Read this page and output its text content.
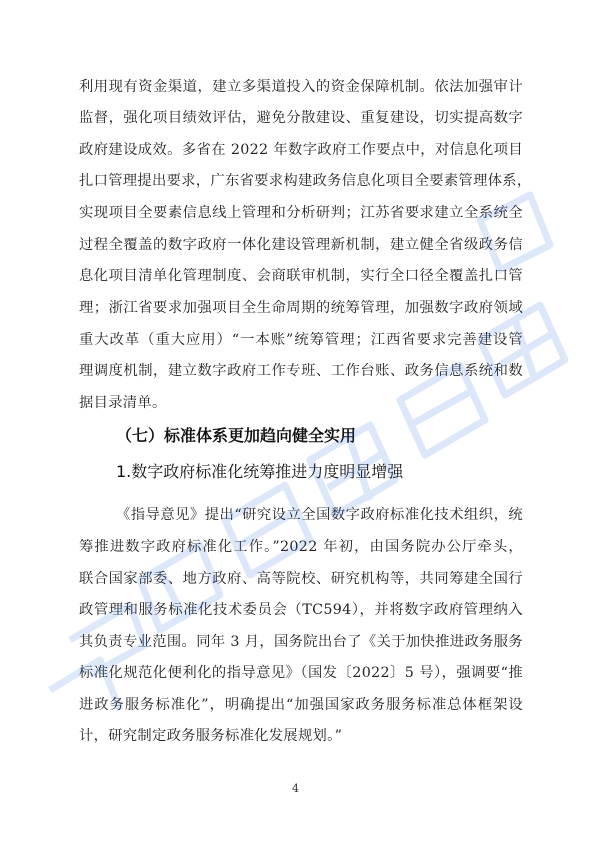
利用现有资金渠道，建立多渠道投入的资金保障机制。依法加强审计
监督，强化项目绩效评估，避免分散建设、重复建设，切实提高数字
政府建设成效。多省在 2022 年数字政府工作要点中，对信息化项目
扎口管理提出要求，广东省要求构建政务信息化项目全要素管理体系，
实现项目全要素信息线上管理和分析研判；江苏省要求建立全系统全
过程全覆盖的数字政府一体化建设管理新机制，建立健全省级政务信
息化项目清单化管理制度、会商联审机制，实行全口径全覆盖扎口管
理；浙江省要求加强项目全生命周期的统筹管理，加强数字政府领域
重大改革（重大应用）“一本账”统筹管理；江西省要求完善建设管
理调度机制，建立数字政府工作专班、工作台账、政务信息系统和数
据目录清单。
（七）标准体系更加趋向健全实用
1.数字政府标准化统筹推进力度明显增强
《指导意见》提出“研究设立全国数字政府标准化技术组织，统
筹推进数字政府标准化工作。”2022 年初，由国务院办公厅牵头，
联合国家部委、地方政府、高等院校、研究机构等，共同筹建全国行
政管理和服务标准化技术委员会（TC594），并将数字政府管理纳入
其负责专业范围。同年 3 月，国务院出台了《关于加快推进政务服务
标准化规范化便利化的指导意见》（国发〔2022〕5 号），强调要“推
进政务服务标准化”，明确提出“加强国家政务服务标准总体框架设
计，研究制定政务服务标准化发展规划。”
4
